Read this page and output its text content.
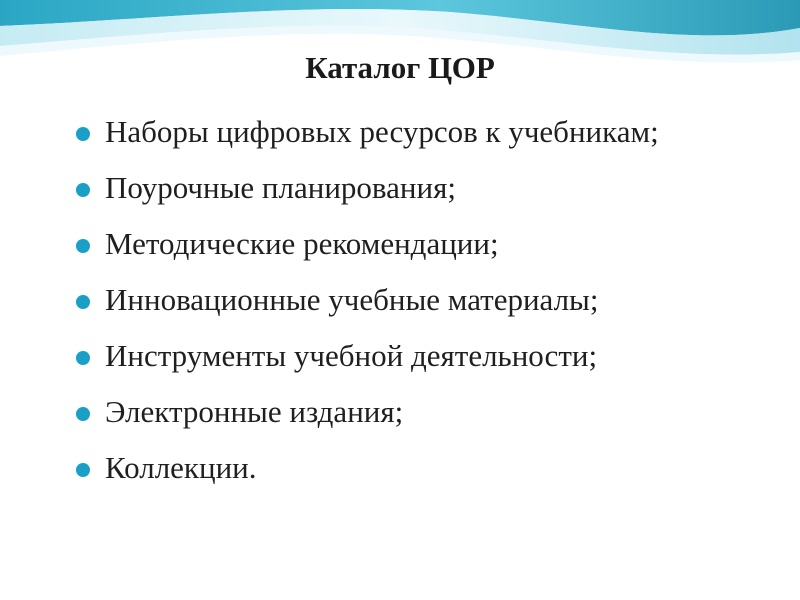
Каталог ЦОР
Наборы цифровых ресурсов к учебникам;
Поурочные планирования;
Методические рекомендации;
Инновационные учебные материалы;
Инструменты учебной деятельности;
Электронные издания;
Коллекции.
